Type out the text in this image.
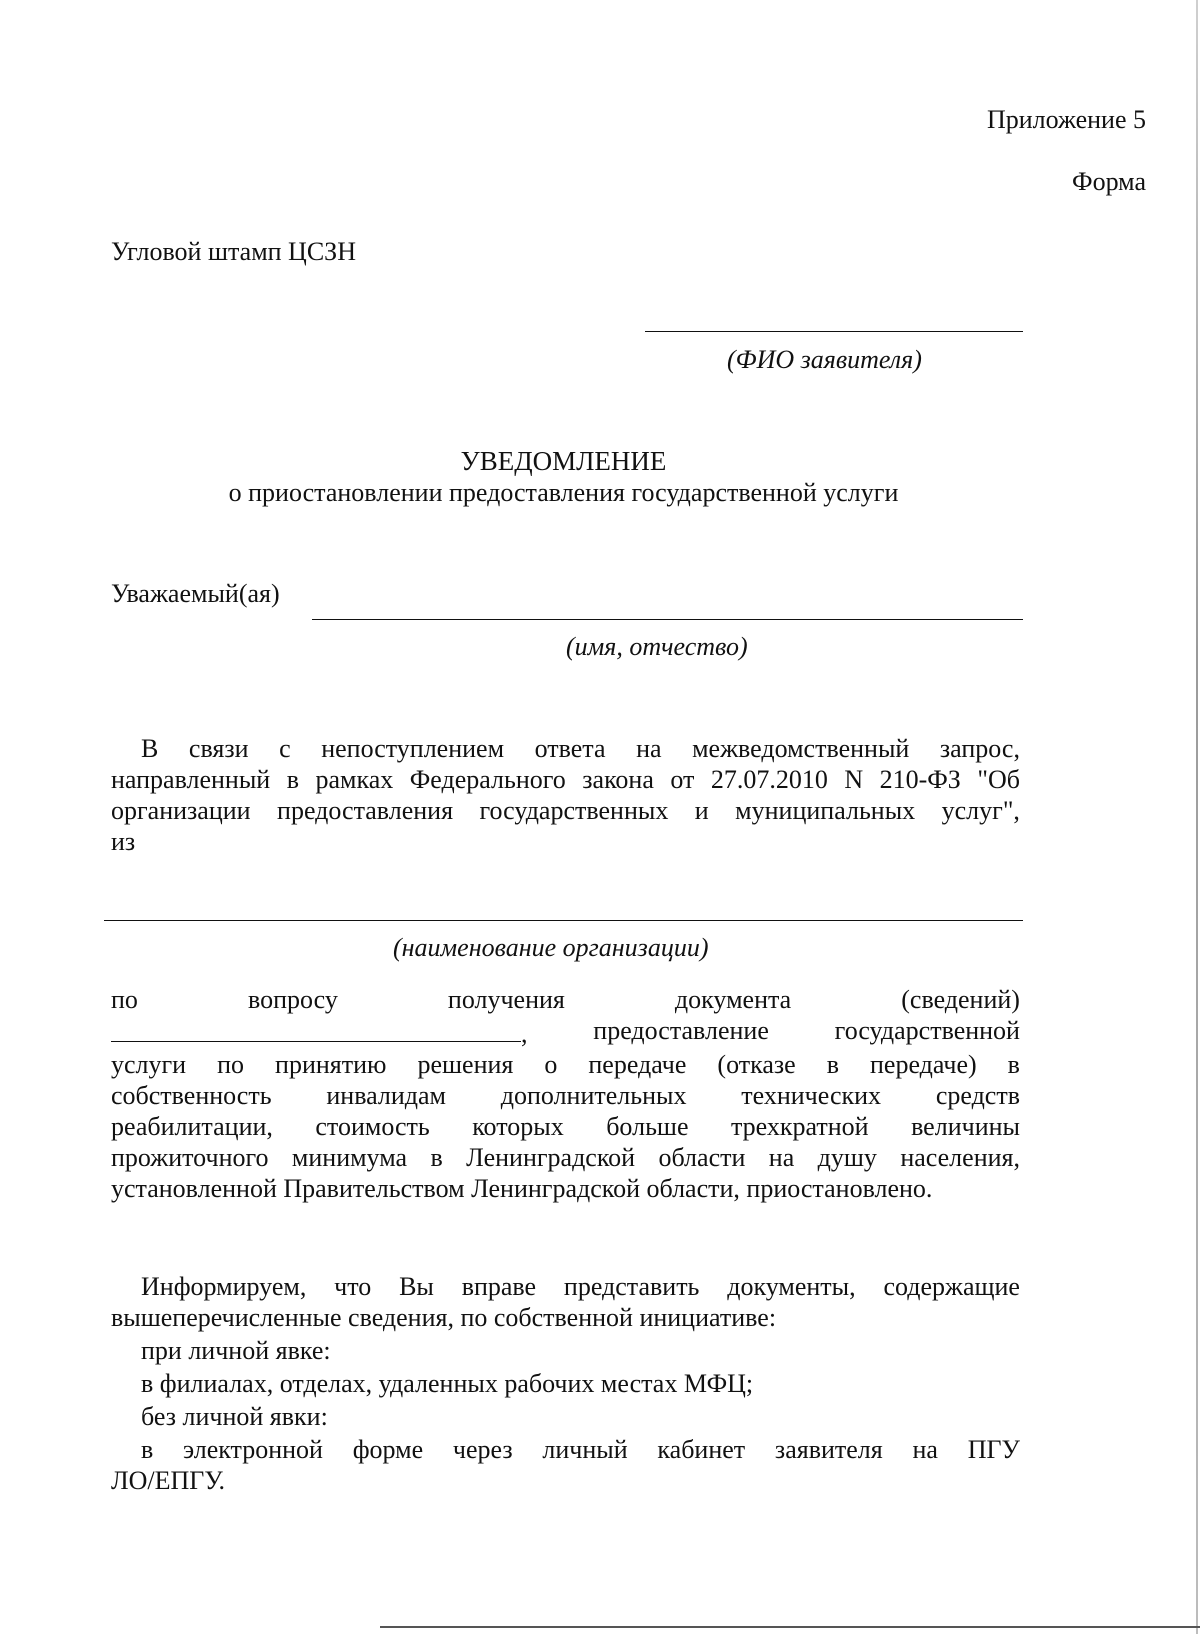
Приложение 5
Форма
Угловой штамп ЦСЗН
(ФИО заявителя)
УВЕДОМЛЕНИЕ
о приостановлении предоставления государственной услуги
Уважаемый(ая)
(имя, отчество)
В связи с непоступлением ответа на межведомственный запрос,
направленный в рамках Федерального закона от 27.07.2010 N 210-ФЗ "Об
организации предоставления государственных и муниципальных услуг",
из
(наименование организации)
по	вопросу	получения	документа	(сведений)
,	предоставление	государственной
услуги по принятию решения о передаче (отказе в передаче) в
собственность инвалидам дополнительных технических средств
реабилитации, стоимость которых больше трехкратной величины
прожиточного минимума в Ленинградской области на душу населения,
установленной Правительством Ленинградской области, приостановлено.
Информируем, что Вы вправе представить документы, содержащие
вышеперечисленные сведения, по собственной инициативе:
при личной явке:
в филиалах, отделах, удаленных рабочих местах МФЦ;
без личной явки:
в электронной форме через личный кабинет заявителя на ПГУ
ЛО/ЕПГУ.
